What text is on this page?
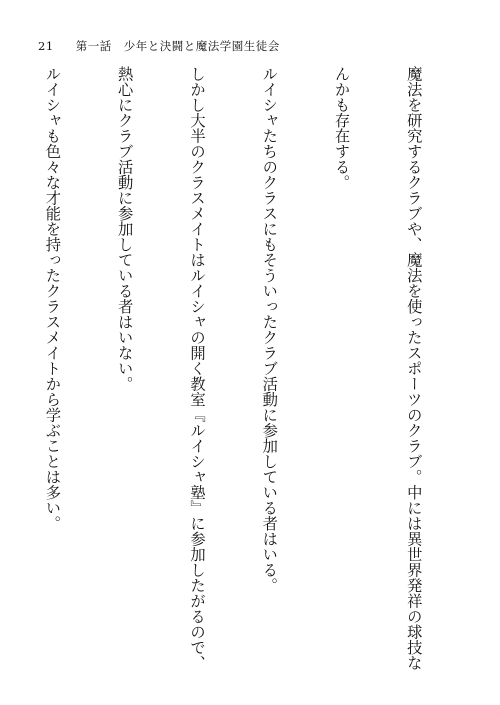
21 第一話　少年と決闘と魔法学園生徒会

魔法を研究するクラブや、魔法を使ったスポーツのクラブ。中には異世界発祥の球技な

んかも存在する。

ルイシャたちのクラスにもそういったクラブ活動に参加している者はいる。

しかし大半のクラスメイトはルイシャの開く教室『ルイシャ塾』に参加したがるので、

熱心にクラブ活動に参加している者はいない。

ルイシャも色々な才能を持ったクラスメイトから学ぶことは多い。
